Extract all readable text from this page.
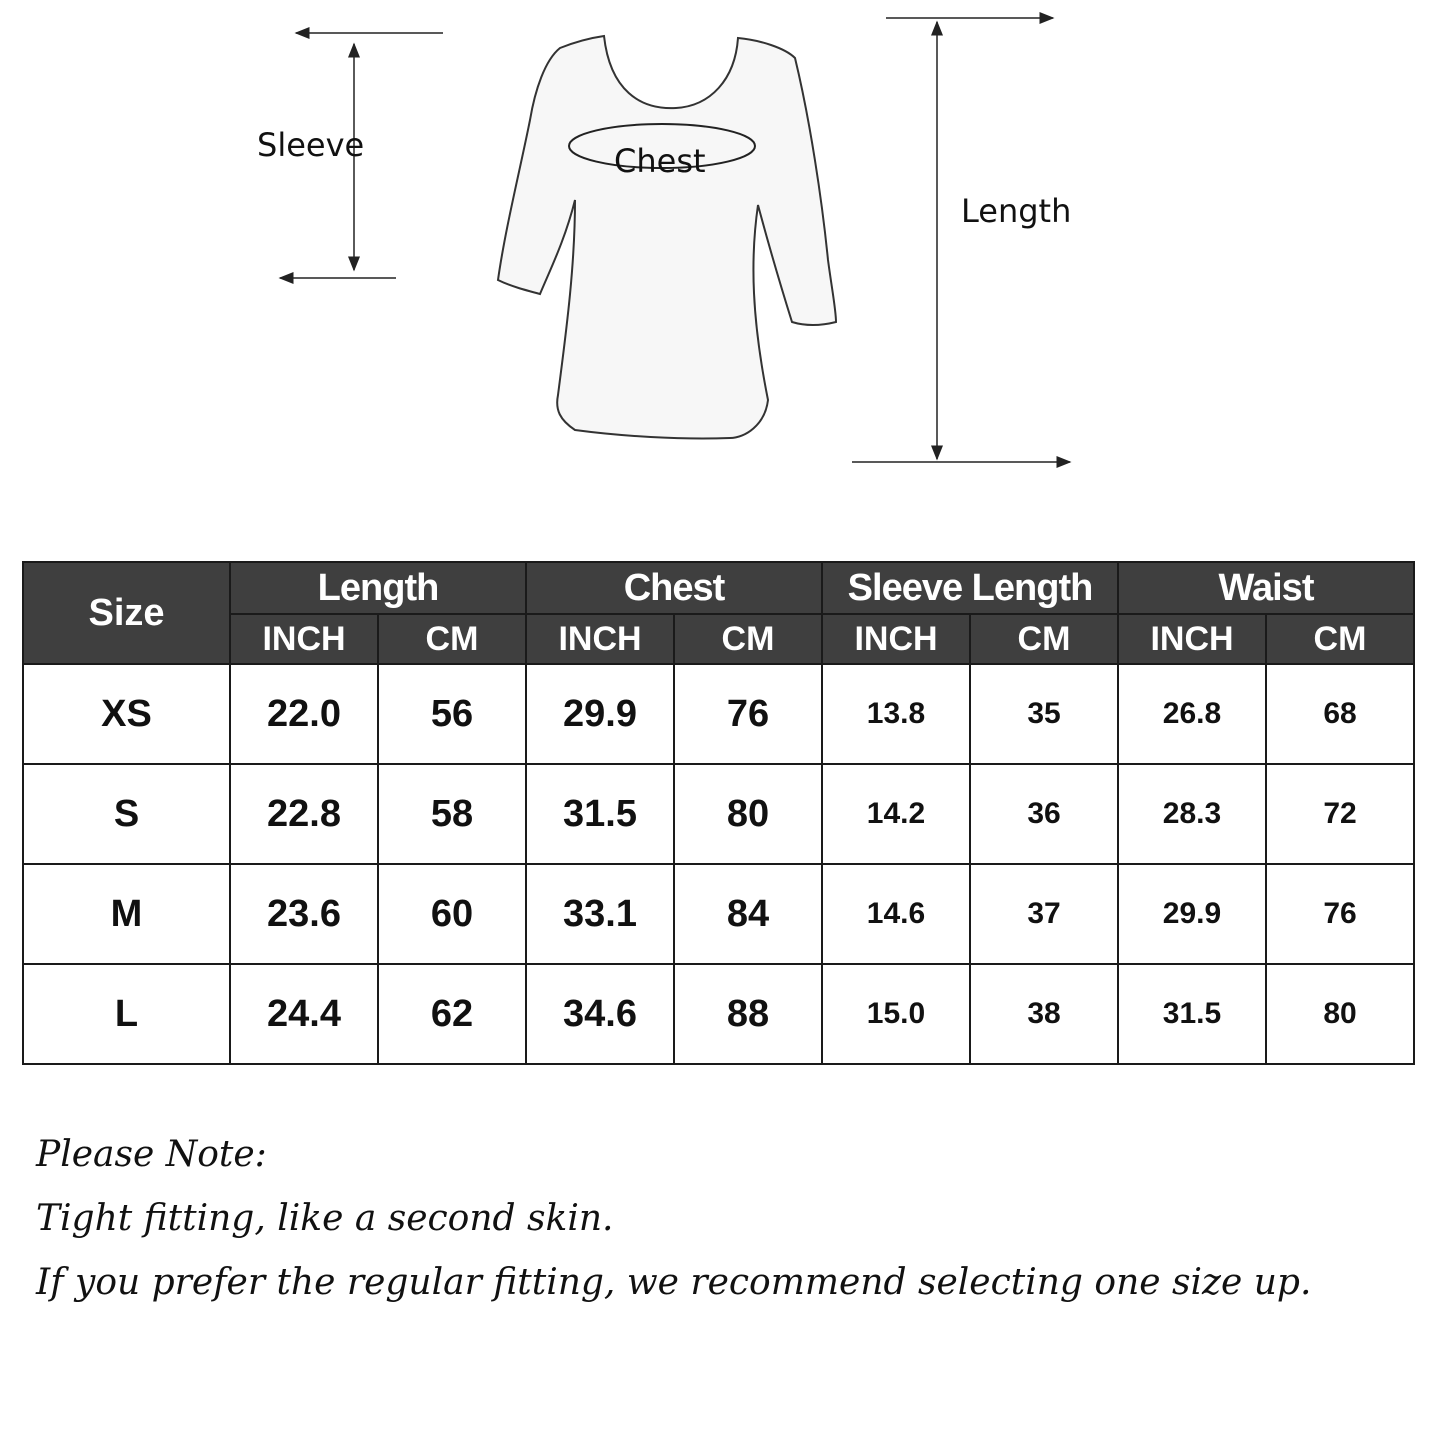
Sleeve	Chest
Length
Size	Length		Chest		Sleeve Length		Waist	
	INCH	CM	INCH	CM	INCH	CM	INCH	CM
XS	22.0	56	29.9	76	13.8	35	26.8	68
S	22.8	58	31.5	80	14.2	36	28.3	72
M	23.6	60	33.1	84	14.6	37	29.9	76
L	24.4	62	34.6	88	15.0	38	31.5	80
Please Note:
Tight fitting, like a second skin.
If you prefer the regular fitting, we recommend selecting one size up.
